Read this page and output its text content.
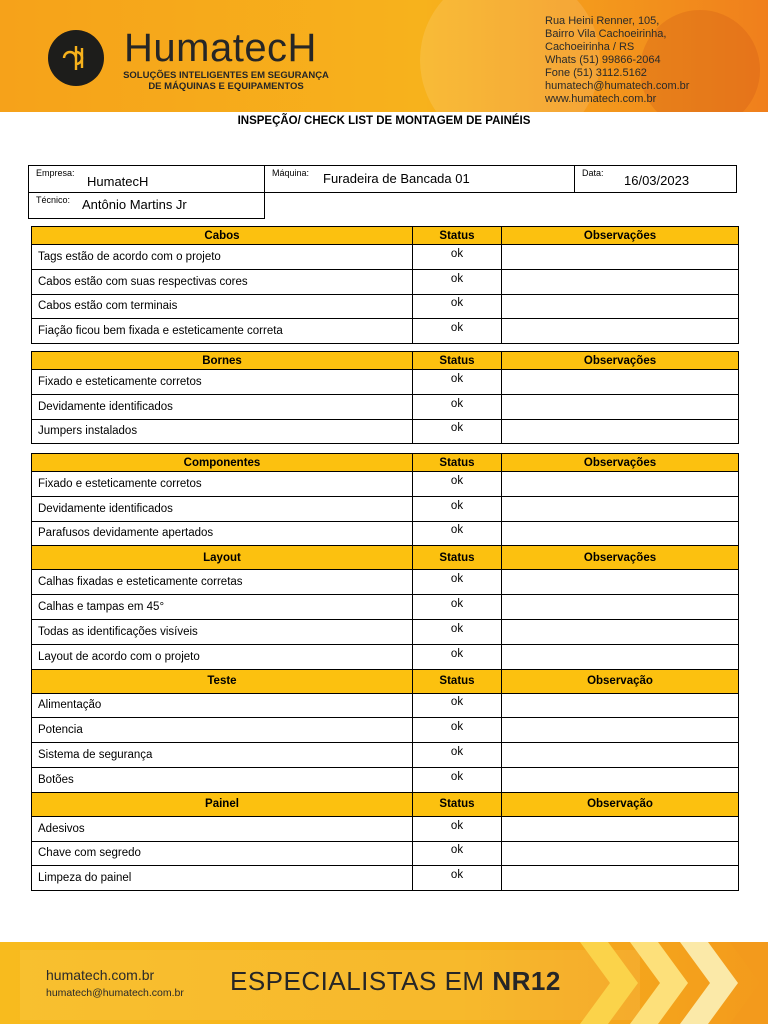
HumatecH
SOLUÇÕES INTELIGENTES EM SEGURANÇA
DE MÁQUINAS E EQUIPAMENTOS
Rua Heini Renner, 105,
Bairro Vila Cachoeirinha,
Cachoeirinha / RS
Whats (51) 99866-2064
Fone (51) 3112.5162
humatech@humatech.com.br
www.humatech.com.br
INSPEÇÃO/ CHECK LIST DE MONTAGEM DE PAINÉIS
Empresa:
HumatecH
Máquina: Furadeira de Bancada 01	Data: 16/03/2023
Técnico: Antônio Martins Jr
Cabos	Status	Observações
Tags estão de acordo com o projeto	ok	
Cabos estão com suas respectivas cores	ok	
Cabos estão com terminais	ok	
Fiação ficou bem fixada e esteticamente correta	ok	
Bornes	Status	Observações
Fixado e esteticamente corretos	ok	
Devidamente identificados	ok	
Jumpers instalados	ok	
Componentes	Status	Observações
Fixado e esteticamente corretos	ok	
Devidamente identificados	ok	
Parafusos devidamente apertados	ok	
Layout	Status	Observações
Calhas fixadas e esteticamente corretas	ok	
Calhas e tampas em 45°	ok	
Todas as identificações visíveis	ok	
Layout de acordo com o projeto	ok	
Teste	Status	Observação
Alimentação	ok	
Potencia	ok	
Sistema de segurança	ok	
Botões	ok	
Painel	Status	Observação
Adesivos	ok	
Chave com segredo	ok	
Limpeza do painel	ok	
humatech.com.br
humatech@humatech.com.br ESPECIALISTAS EM NR12
